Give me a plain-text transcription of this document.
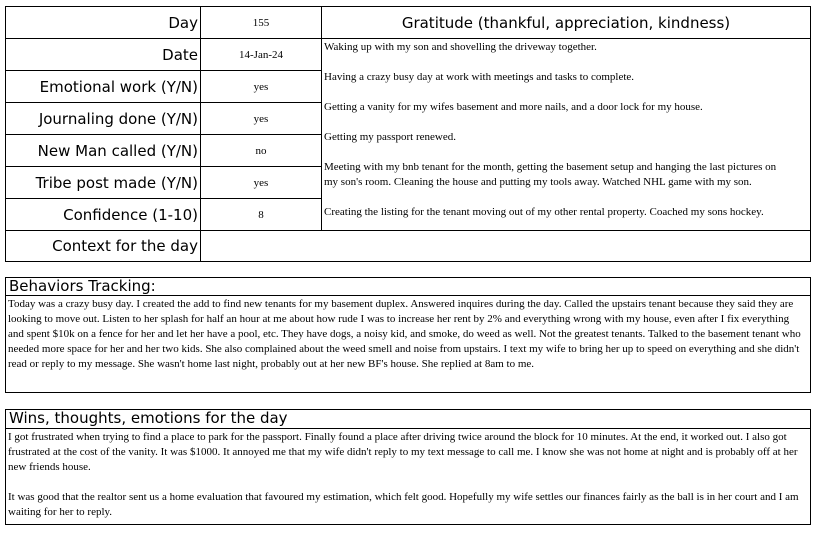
Day
Date
Emotional work (Y/N)
Journaling done (Y/N)
New Man called (Y/N)
Tribe post made (Y/N)
Confidence (1-10)
Context for the day
155
14-Jan-24
yes
yes
no
yes
8
Gratitude (thankful, appreciation, kindness)
Waking up with my son and shovelling the driveway together.
Having a crazy busy day at work with meetings and tasks to complete.
Getting a vanity for my wifes basement and more nails, and a door lock for my house.
Getting my passport renewed.
Meeting with my bnb tenant for the month, getting the basement setup and hanging the last pictures on
my son's room. Cleaning the house and putting my tools away. Watched NHL game with my son.
Creating the listing for the tenant moving out of my other rental property. Coached my sons hockey.
Behaviors Tracking:

Today was a crazy busy day. I created the add to find new tenants for my basement duplex. Answered inquires during the day. Called the upstairs tenant because they said they are looking to move out. Listen to her splash for half an hour at me about how rude I was to increase her rent by 2% and everything wrong with my house, even after I fix everything and spent $10k on a fence for her and let her have a pool, etc. They have dogs, a noisy kid, and smoke, do weed as well. Not the greatest tenants. Talked to the basement tenant who needed more space for her and her two kids. She also complained about the weed smell and noise from upstairs. I text my wife to bring her up to speed on everything and she didn't read or reply to my message. She wasn't home last night, probably out at her new BF's house. She replied at 8am to me.

Wins, thoughts, emotions for the day

I got frustrated when trying to find a place to park for the passport. Finally found a place after driving twice around the block for 10 minutes. At the end, it worked out. I also got frustrated at the cost of the vanity. It was $1000. It annoyed me that my wife didn't reply to my text message to call me. I know she was not home at night and is probably off at her new friends house.

It was good that the realtor sent us a home evaluation that favoured my estimation, which felt good. Hopefully my wife settles our finances fairly as the ball is in her court and I am waiting for her to reply.
